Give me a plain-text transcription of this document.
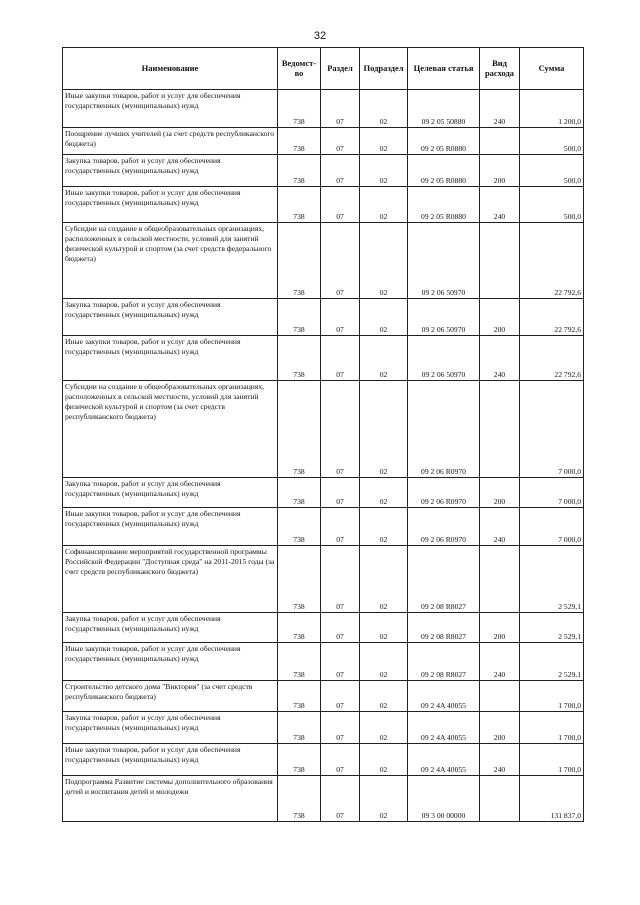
32
Наименование	Ведомст-во	Раздел	Подраздел	Целевая статья	Вид расхода	Сумма
Иные закупки товаров, работ и услуг для обеспечения государственных (муниципальных) нужд	738	07	02	09 2 05 50880	240	1 200,0
Поощрение лучших учителей (за счет средств республиканского бюджета)	738	07	02	09 2 05 R0880		500,0
Закупка товаров, работ и услуг для обеспечения государственных (муниципальных) нужд	738	07	02	09 2 05 R0880	200	500,0
Иные закупки товаров, работ и услуг для обеспечения государственных (муниципальных) нужд	738	07	02	09 2 05 R0880	240	500,0
Субсидии на создание в общеобразовательных организациях, расположенных в сельской местности, условий для занятий физической культурой и спортом (за счет средств федерального бюджета)	738	07	02	09 2 06 50970		22 792,6
Закупка товаров, работ и услуг для обеспечения государственных (муниципальных) нужд	738	07	02	09 2 06 50970	200	22 792,6
Иные закупки товаров, работ и услуг для обеспечения государственных (муниципальных) нужд	738	07	02	09 2 06 50970	240	22 792,6
Субсидии на создание в общеобразовательных организациях, расположенных в сельской местности, условий для занятий физической культурой и спортом (за счет средств республиканского бюджета)	738	07	02	09 2 06 R0970		7 000,0
Закупка товаров, работ и услуг для обеспечения государственных (муниципальных) нужд	738	07	02	09 2 06 R0970	200	7 000,0
Иные закупки товаров, работ и услуг для обеспечения государственных (муниципальных) нужд	738	07	02	09 2 06 R0970	240	7 000,0
Софинансирование мероприятий государственной программы Российской Федерации "Доступная среда" на 2011-2015 годы (за счет средств республиканского бюджета)	738	07	02	09 2 08 R8027		2 529,1
Закупка товаров, работ и услуг для обеспечения государственных (муниципальных) нужд	738	07	02	09 2 08 R8027	200	2 529,1
Иные закупки товаров, работ и услуг для обеспечения государственных (муниципальных) нужд	738	07	02	09 2 08 R8027	240	2 529,1
Строительство детского дома "Виктория" (за счет средств республиканского бюджета)	738	07	02	09 2 4A 40055		1 700,0
Закупка товаров, работ и услуг для обеспечения государственных (муниципальных) нужд	738	07	02	09 2 4A 40055	200	1 700,0
Иные закупки товаров, работ и услуг для обеспечения государственных (муниципальных) нужд	738	07	02	09 2 4A 40055	240	1 700,0
Подпрограмма Развитие системы дополнительного образования детей и воспитания детей и молодежи	738	07	02	09 3 00 00000		131 837,0
